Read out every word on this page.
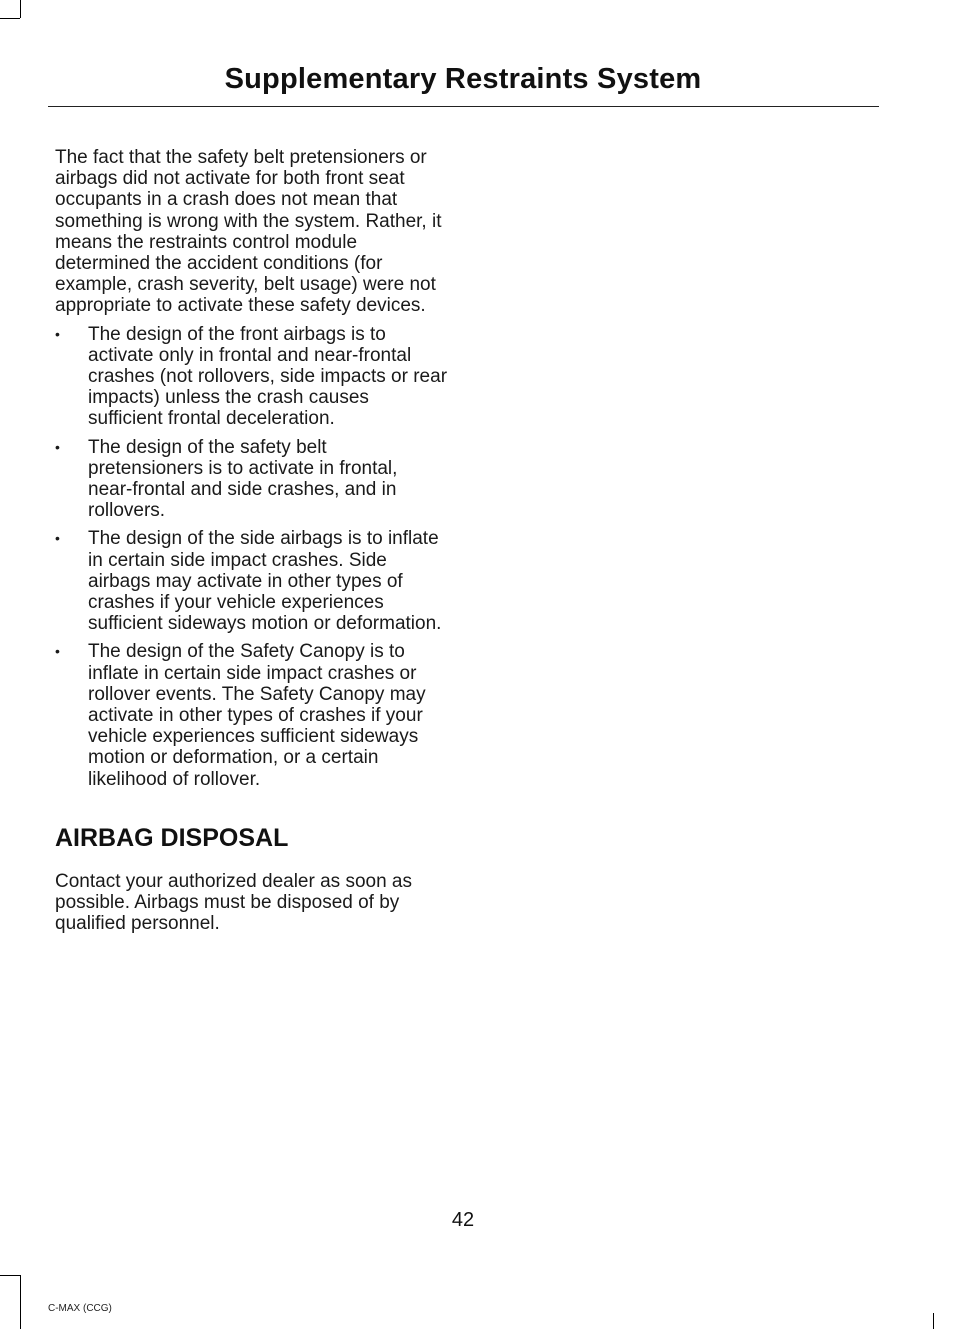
Supplementary Restraints System

The fact that the safety belt pretensioners or airbags did not activate for both front seat occupants in a crash does not mean that something is wrong with the system. Rather, it means the restraints control module determined the accident conditions (for example, crash severity, belt usage) were not appropriate to activate these safety devices.

• The design of the front airbags is to activate only in frontal and near-frontal crashes (not rollovers, side impacts or rear impacts) unless the crash causes sufficient frontal deceleration.
• The design of the safety belt pretensioners is to activate in frontal, near-frontal and side crashes, and in rollovers.
• The design of the side airbags is to inflate in certain side impact crashes. Side airbags may activate in other types of crashes if your vehicle experiences sufficient sideways motion or deformation.
• The design of the Safety Canopy is to inflate in certain side impact crashes or rollover events. The Safety Canopy may activate in other types of crashes if your vehicle experiences sufficient sideways motion or deformation, or a certain likelihood of rollover.
AIRBAG DISPOSAL

Contact your authorized dealer as soon as possible. Airbags must be disposed of by qualified personnel.

42
C-MAX (CCG)
